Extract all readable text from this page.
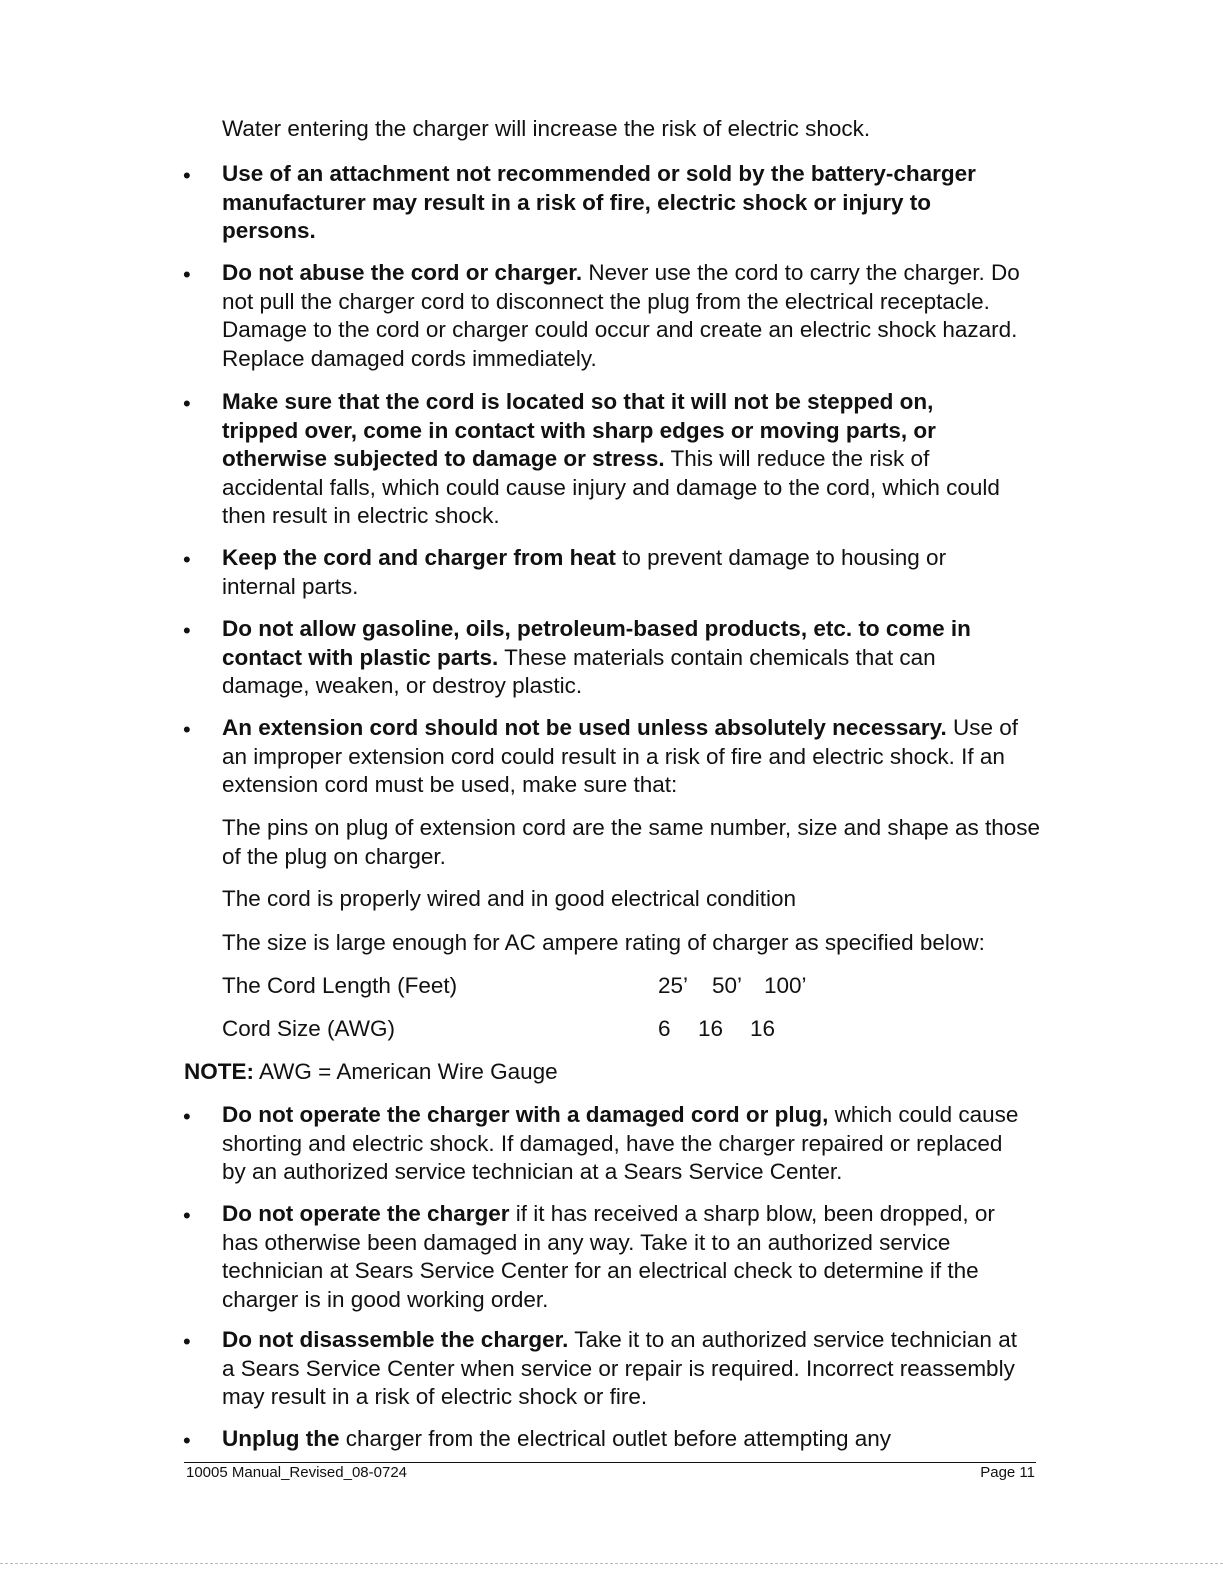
Water entering the charger will increase the risk of electric shock.

• Use of an attachment not recommended or sold by the battery-charger manufacturer may result in a risk of fire, electric shock or injury to persons.

• Do not abuse the cord or charger. Never use the cord to carry the charger. Do not pull the charger cord to disconnect the plug from the electrical receptacle. Damage to the cord or charger could occur and create an electric shock hazard. Replace damaged cords immediately.

• Make sure that the cord is located so that it will not be stepped on, tripped over, come in contact with sharp edges or moving parts, or otherwise subjected to damage or stress. This will reduce the risk of accidental falls, which could cause injury and damage to the cord, which could then result in electric shock.

• Keep the cord and charger from heat to prevent damage to housing or internal parts.

• Do not allow gasoline, oils, petroleum-based products, etc. to come in contact with plastic parts. These materials contain chemicals that can damage, weaken, or destroy plastic.

• An extension cord should not be used unless absolutely necessary. Use of an improper extension cord could result in a risk of fire and electric shock. If an extension cord must be used, make sure that:

The pins on plug of extension cord are the same number, size and shape as those of the plug on charger.

The cord is properly wired and in good electrical condition

The size is large enough for AC ampere rating of charger as specified below:

The Cord Length (Feet)	25’ 50’ 100’
Cord Size (AWG)	6 16 16

NOTE: AWG = American Wire Gauge

• Do not operate the charger with a damaged cord or plug, which could cause shorting and electric shock. If damaged, have the charger repaired or replaced by an authorized service technician at a Sears Service Center.

• Do not operate the charger if it has received a sharp blow, been dropped, or has otherwise been damaged in any way. Take it to an authorized service technician at Sears Service Center for an electrical check to determine if the charger is in good working order.

• Do not disassemble the charger. Take it to an authorized service technician at a Sears Service Center when service or repair is required. Incorrect reassembly may result in a risk of electric shock or fire.

• Unplug the charger from the electrical outlet before attempting any

10005 Manual_Revised_08-0724	Page 11
